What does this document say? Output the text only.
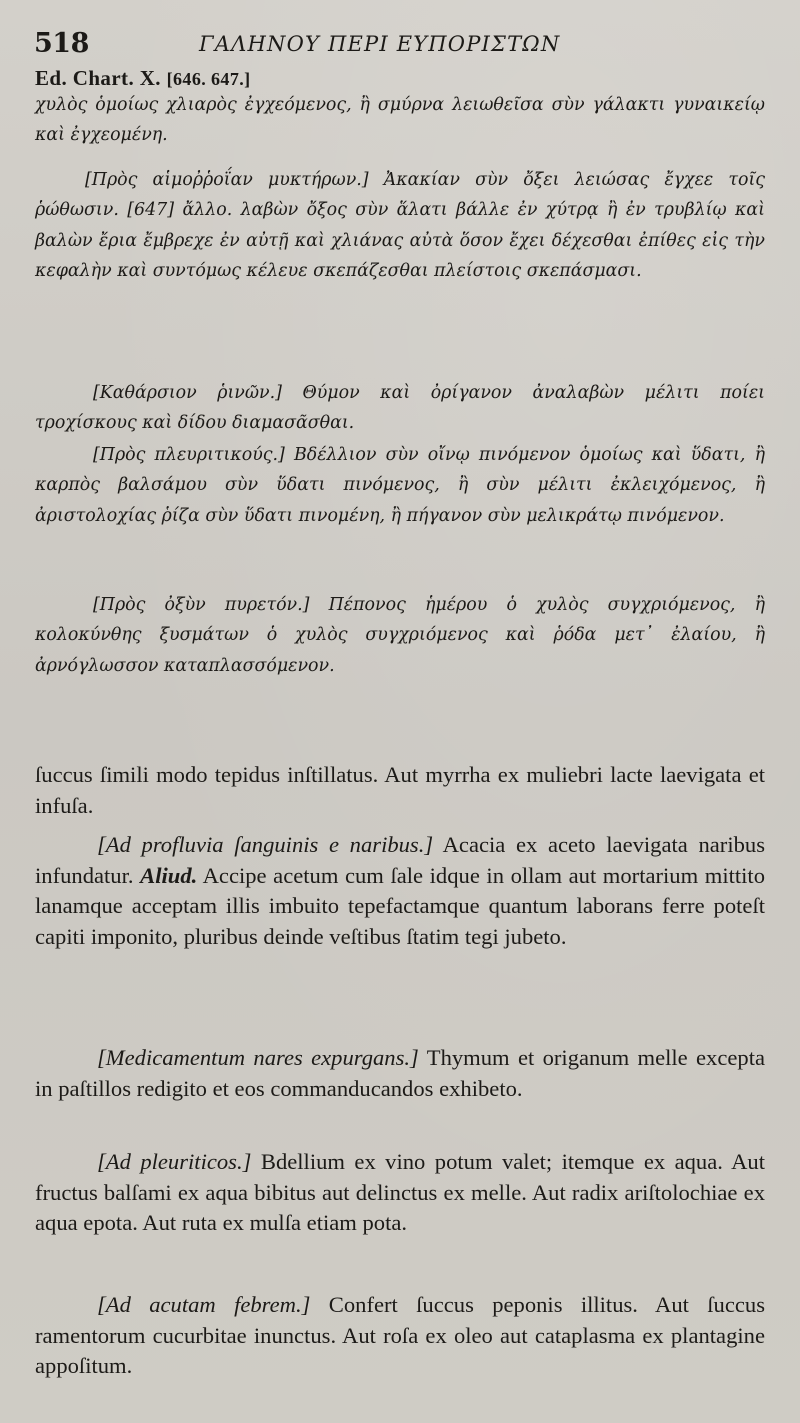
518	ΓΑΛΗΝΟΥ ΠΕΡΙ ΕΥΠΟΡΙΣΤΩΝ
Ed. Chart. X. [646. 647.]

χυλὸς ὁμοίως χλιαρὸς ἐγχεόμενος, ἢ σμύρνα λειωθεῖσα σὺν γάλακτι γυναικείῳ καὶ ἐγχεομένη.

[Πρὸς αἱμοῤῥοΐαν μυκτήρων.] Ἀκακίαν σὺν ὄξει λειώσας ἔγχεε τοῖς ῥώθωσιν. [647] ἄλλο. λαβὼν ὄξος σὺν ἅλατι βάλλε ἐν χύτρᾳ ἢ ἐν τρυβλίῳ καὶ βαλὼν ἔρια ἔμβρεχε ἐν αὐτῇ καὶ χλιάνας αὐτὰ ὅσον ἔχει δέχεσθαι ἐπίθες εἰς τὴν κεφαλὴν καὶ συντόμως κέλευε σκεπάζεσθαι πλείστοις σκεπάσμασι.

[Καθάρσιον ῥινῶν.] Θύμον καὶ ὀρίγανον ἀναλαβὼν μέλιτι ποίει τροχίσκους καὶ δίδου διαμασᾶσθαι.

[Πρὸς πλευριτικούς.] Βδέλλιον σὺν οἴνῳ πινόμενον ὁμοίως καὶ ὕδατι, ἢ καρπὸς βαλσάμου σὺν ὕδατι πινόμενος, ἢ σὺν μέλιτι ἐκλειχόμενος, ἢ ἀριστολοχίας ῥίζα σὺν ὕδατι πινομένη, ἢ πήγανον σὺν μελικράτῳ πινόμενον.

[Πρὸς ὀξὺν πυρετόν.] Πέπονος ἡμέρου ὁ χυλὸς συγχριόμενος, ἢ κολοκύνθης ξυσμάτων ὁ χυλὸς συγχριόμενος καὶ ῥόδα μετ᾽ ἐλαίου, ἢ ἀρνόγλωσσον καταπλασσόμενον.

ſuccus ſimili modo tepidus inſtillatus. Aut myrrha ex muliebri lacte laevigata et infuſa.

[Ad profluvia ſanguinis e naribus.] Acacia ex aceto laevigata naribus infundatur. Aliud. Accipe acetum cum ſale idque in ollam aut mortarium mittito lanamque acceptam illis imbuito tepefactamque quantum laborans ferre poteſt capiti imponito, pluribus deinde veſtibus ſtatim tegi jubeto.

[Medicamentum nares expurgans.] Thymum et origanum melle excepta in paſtillos redigito et eos commanducandos exhibeto.

[Ad pleuriticos.] Bdellium ex vino potum valet; itemque ex aqua. Aut fructus balſami ex aqua bibitus aut delinctus ex melle. Aut radix ariſtolochiae ex aqua epota. Aut ruta ex mulſa etiam pota.

[Ad acutam febrem.] Confert ſuccus peponis illitus. Aut ſuccus ramentorum cucurbitae inunctus. Aut roſa ex oleo aut cataplasma ex plantagine appoſitum.
